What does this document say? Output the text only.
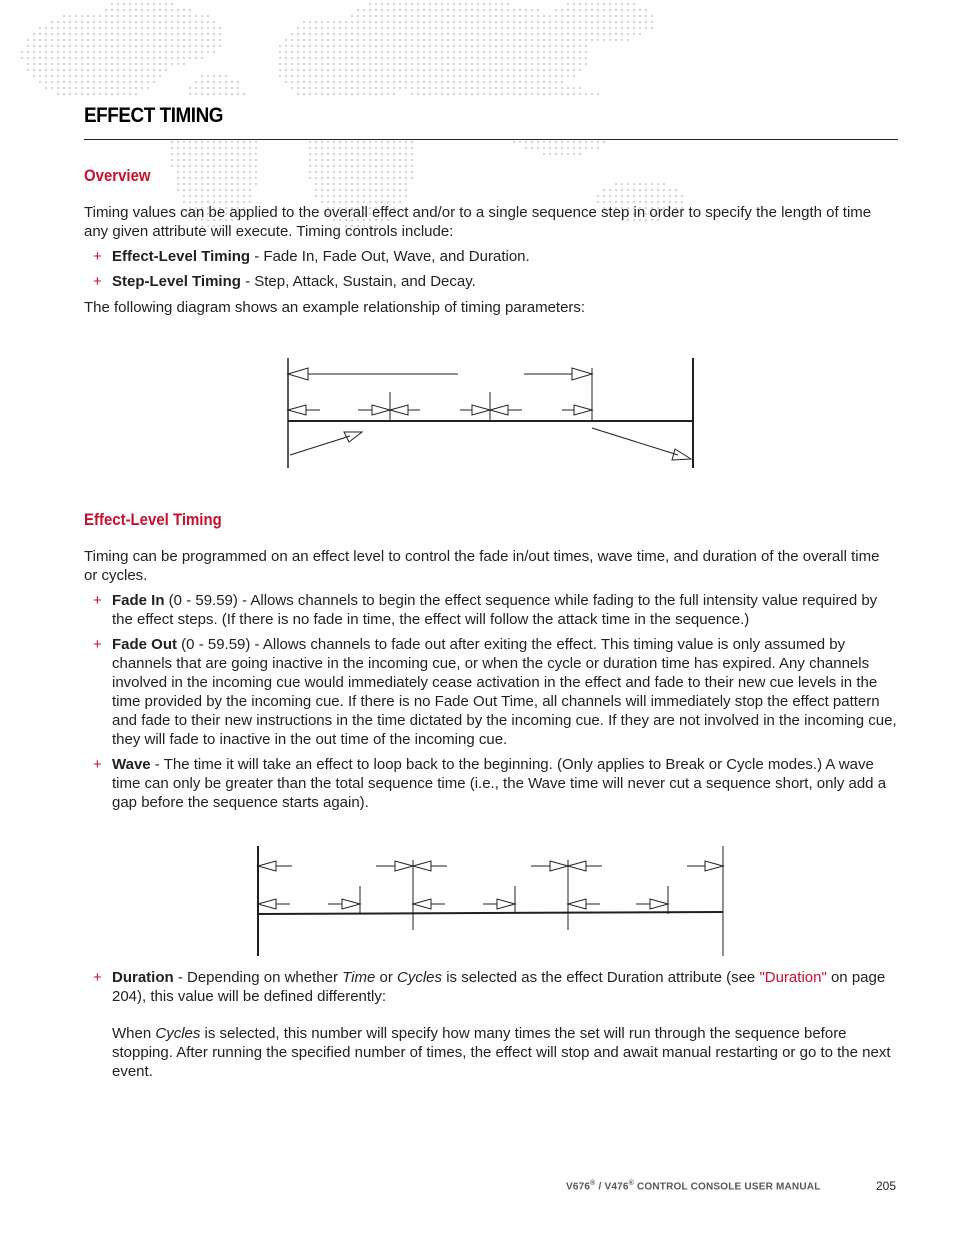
EFFECT TIMING
Overview
Timing values can be applied to the overall effect and/or to a single sequence step in order to specify the length of time any given attribute will execute. Timing controls include:
+ Effect-Level Timing - Fade In, Fade Out, Wave, and Duration.
+ Step-Level Timing - Step, Attack, Sustain, and Decay.
The following diagram shows an example relationship of timing parameters:
Effect-Level Timing
Timing can be programmed on an effect level to control the fade in/out times, wave time, and duration of the overall time or cycles.
+ Fade In (0 - 59.59) - Allows channels to begin the effect sequence while fading to the full intensity value required by the effect steps. (If there is no fade in time, the effect will follow the attack time in the sequence.)
+ Fade Out (0 - 59.59) - Allows channels to fade out after exiting the effect. This timing value is only assumed by channels that are going inactive in the incoming cue, or when the cycle or duration time has expired. Any channels involved in the incoming cue would immediately cease activation in the effect and fade to their new cue levels in the time provided by the incoming cue. If there is no Fade Out Time, all channels will immediately stop the effect pattern and fade to their new instructions in the time dictated by the incoming cue. If they are not involved in the incoming cue, they will fade to inactive in the out time of the incoming cue.
+ Wave - The time it will take an effect to loop back to the beginning. (Only applies to Break or Cycle modes.) A wave time can only be greater than the total sequence time (i.e., the Wave time will never cut a sequence short, only add a gap before the sequence starts again).
+ Duration - Depending on whether Time or Cycles is selected as the effect Duration attribute (see "Duration" on page 204), this value will be defined differently:
When Cycles is selected, this number will specify how many times the set will run through the sequence before stopping. After running the specified number of times, the effect will stop and await manual restarting or go to the next event.
V676® / V476® CONTROL CONSOLE USER MANUAL	205
